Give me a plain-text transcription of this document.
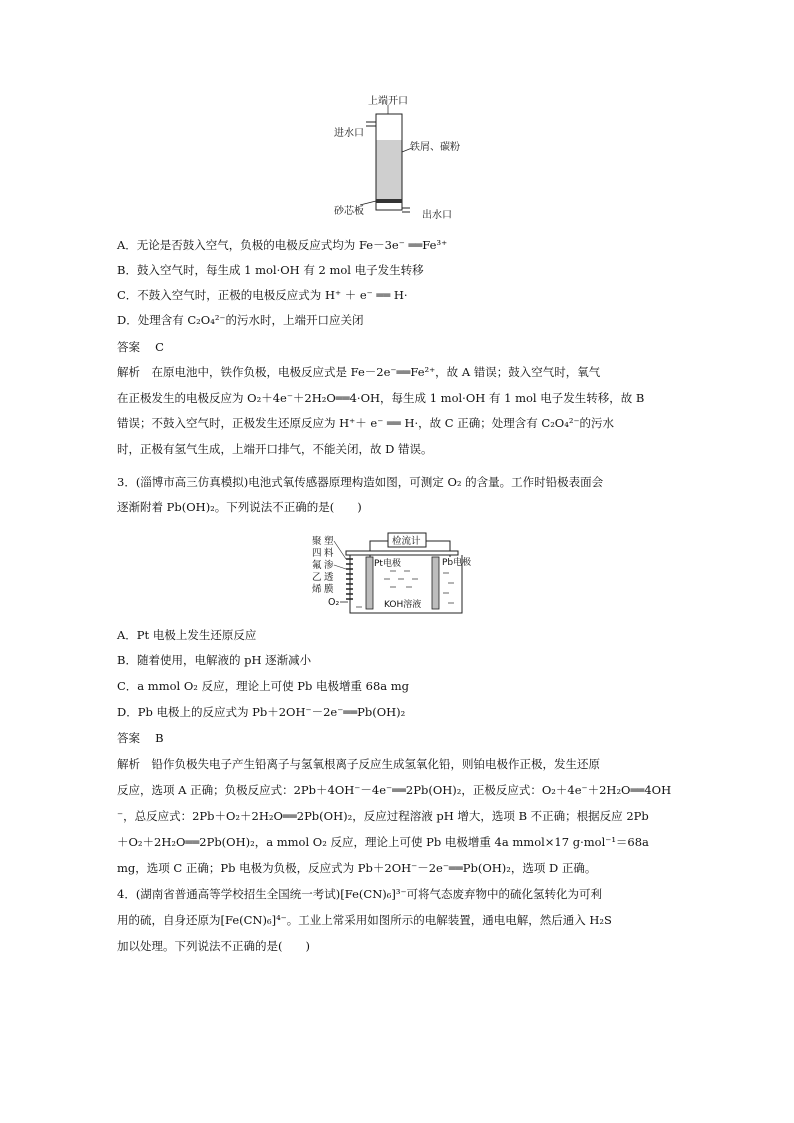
上端开口
进水口
铁屑、碳粉
砂芯板	出水口
A．无论是否鼓入空气，负极的电极反应式均为 Fe－3e⁻ ══Fe³⁺
B．鼓入空气时，每生成 1 mol·OH 有 2 mol 电子发生转移
C．不鼓入空气时，正极的电极反应式为 H⁺ ＋ e⁻ ══ H·
D．处理含有 C₂O₄²⁻的污水时，上端开口应关闭
答案　 C
解析　在原电池中，铁作负极，电极反应式是 Fe－2e⁻══Fe²⁺，故 A 错误；鼓入空气时，氧气
在正极发生的电极反应为 O₂＋4e⁻＋2H₂O══4·OH，每生成 1 mol·OH 有 1 mol 电子发生转移，故 B
错误；不鼓入空气时，正极发生还原反应为 H⁺＋ e⁻ ══ H·，故 C 正确；处理含有 C₂O₄²⁻的污水
时，正极有氢气生成，上端开口排气，不能关闭，故 D 错误。
3．(淄博市高三仿真模拟)电池式氧传感器原理构造如图，可测定 O₂ 的含量。工作时铅极表面会
逐渐附着 Pb(OH)₂。下列说法不正确的是(　　)
检流计
Pt电极	Pb电极
KOH溶液
聚 塑
四 料
氟 渗
乙 透
烯 膜
O₂
A．Pt 电极上发生还原反应
B．随着使用，电解液的 pH 逐渐减小
C．a mmol O₂ 反应，理论上可使 Pb 电极增重 68a mg
D．Pb 电极上的反应式为 Pb＋2OH⁻－2e⁻══Pb(OH)₂
答案　 B
解析　铅作负极失电子产生铅离子与氢氧根离子反应生成氢氧化铅，则铂电极作正极，发生还原
反应，选项 A 正确；负极反应式：2Pb＋4OH⁻－4e⁻══2Pb(OH)₂，正极反应式：O₂＋4e⁻＋2H₂O══4OH
⁻，总反应式：2Pb＋O₂＋2H₂O══2Pb(OH)₂，反应过程溶液 pH 增大，选项 B 不正确；根据反应 2Pb
＋O₂＋2H₂O══2Pb(OH)₂，a mmol O₂ 反应，理论上可使 Pb 电极增重 4a mmol×17 g·mol⁻¹＝68a
mg，选项 C 正确；Pb 电极为负极，反应式为 Pb＋2OH⁻－2e⁻══Pb(OH)₂，选项 D 正确。
4．(湖南省普通高等学校招生全国统一考试)[Fe(CN)₆]³⁻可将气态废弃物中的硫化氢转化为可利
用的硫，自身还原为[Fe(CN)₆]⁴⁻。工业上常采用如图所示的电解装置，通电电解，然后通入 H₂S
加以处理。下列说法不正确的是(　　)
